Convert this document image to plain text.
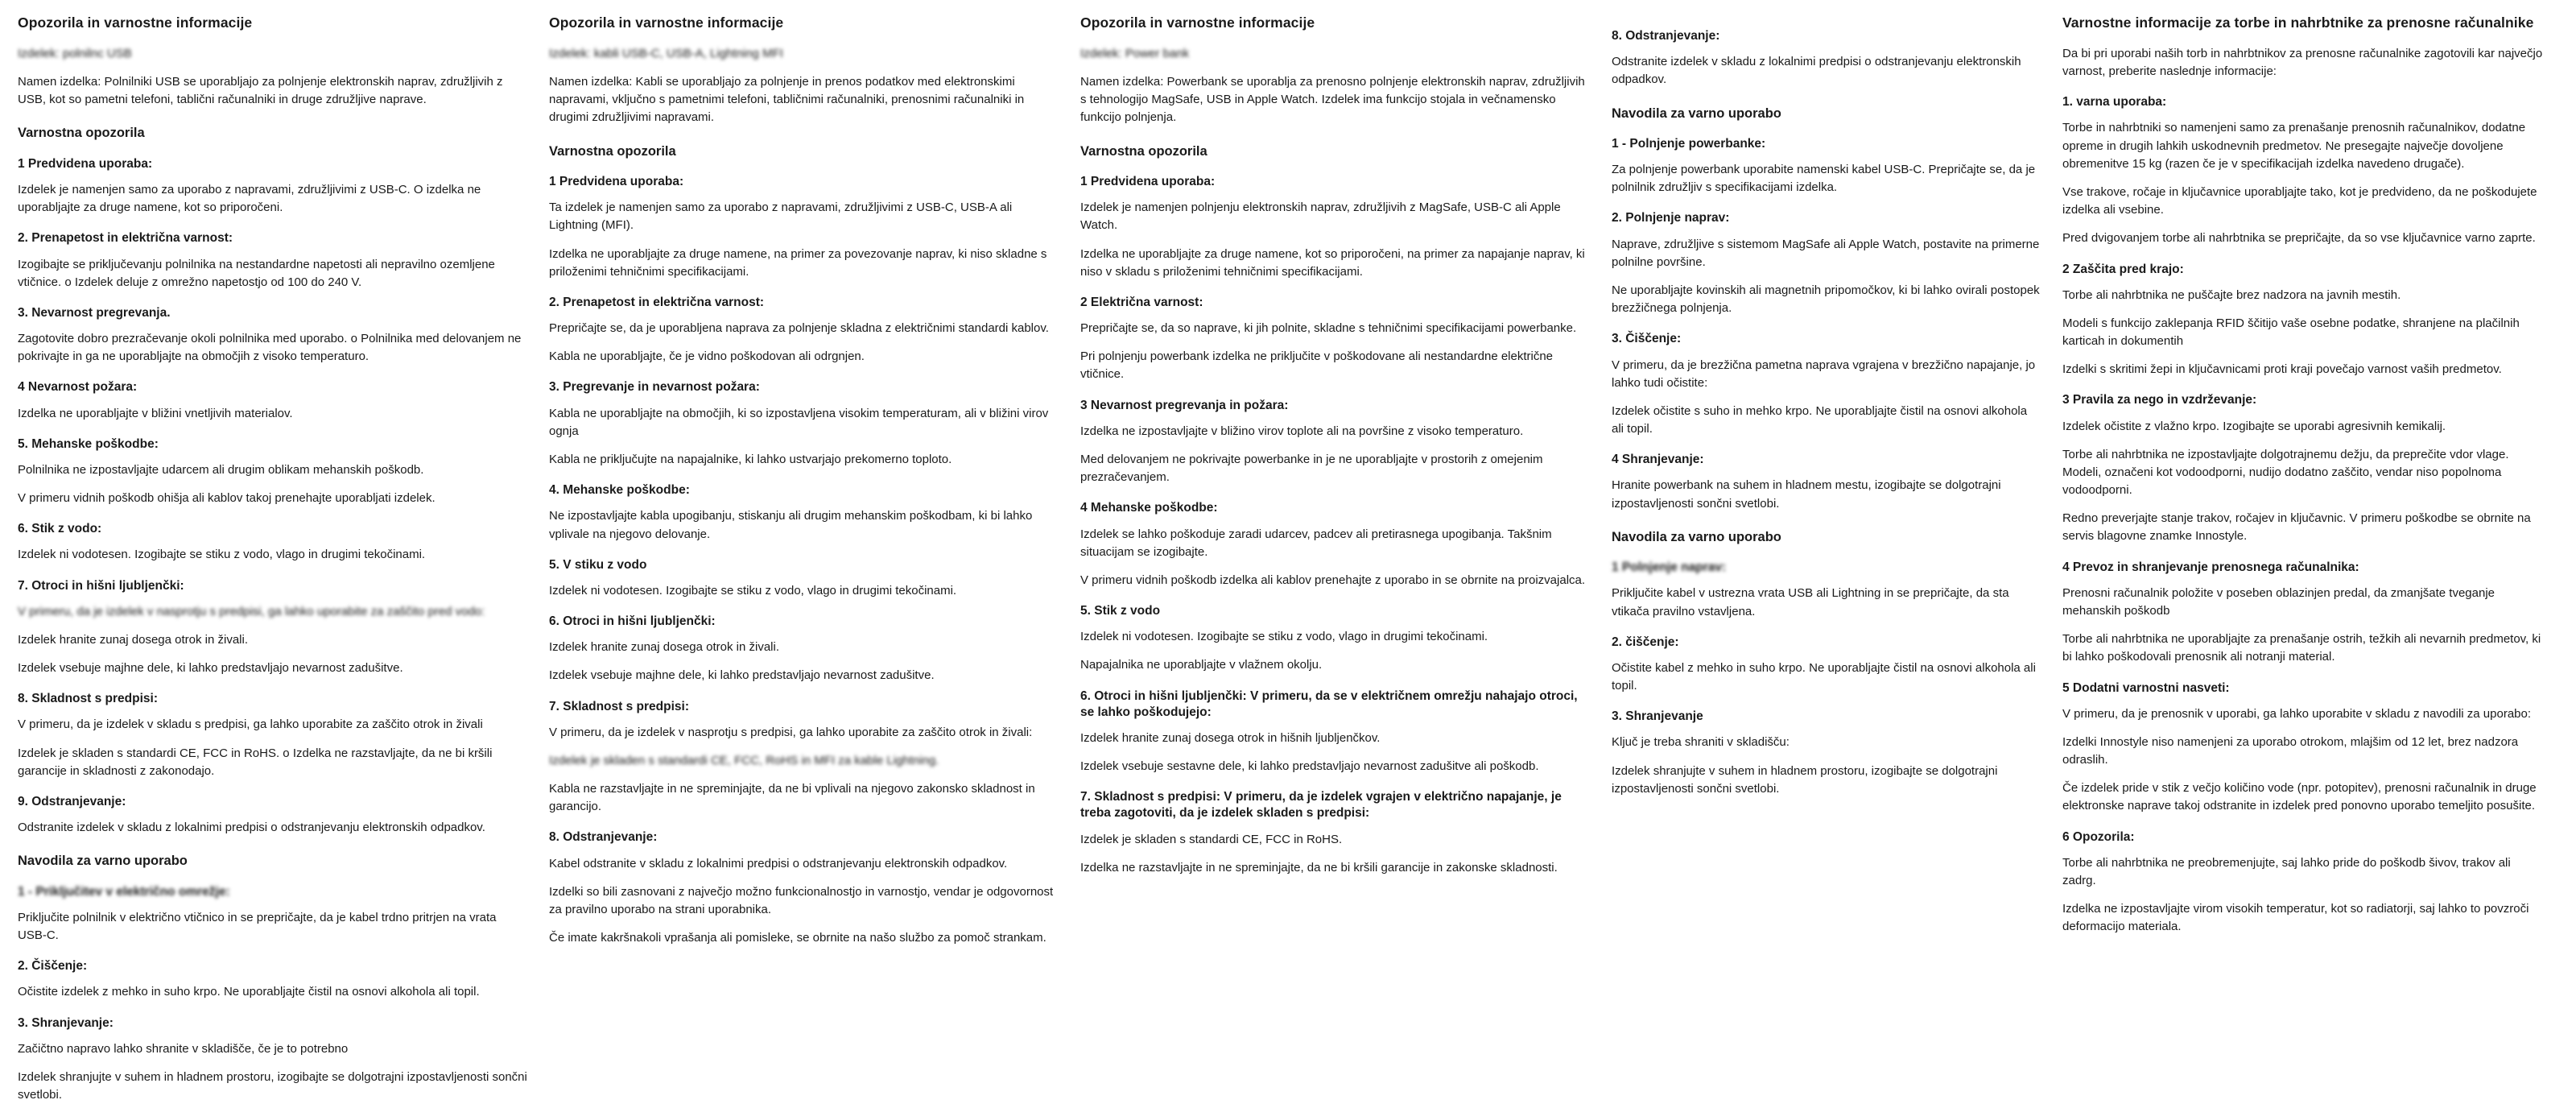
Opozorila in varnostne informacije

Izdelek: polnilnc USB

Namen izdelka: Polnilniki USB se uporabljajo za polnjenje elektronskih naprav, združljivih z USB, kot so pametni telefoni, tablični računalniki in druge združljive naprave.

Varnostna opozorila
1 Predvidena uporaba:

Izdelek je namenjen samo za uporabo z napravami, združljivimi z USB-C. O izdelka ne uporabljajte za druge namene, kot so priporočeni.

2. Prenapetost in električna varnost:

Izogibajte se priključevanju polnilnika na nestandardne napetosti ali nepravilno ozemljene vtičnice. o Izdelek deluje z omrežno napetostjo od 100 do 240 V.

3. Nevarnost pregrevanja.

Zagotovite dobro prezračevanje okoli polnilnika med uporabo. o Polnilnika med delovanjem ne pokrivajte in ga ne uporabljajte na območjih z visoko temperaturo.

4 Nevarnost požara:

Izdelka ne uporabljajte v bližini vnetljivih materialov.

5. Mehanske poškodbe:

Polnilnika ne izpostavljajte udarcem ali drugim oblikam mehanskih poškodb.

V primeru vidnih poškodb ohišja ali kablov takoj prenehajte uporabljati izdelek.

6. Stik z vodo:

Izdelek ni vodotesen. Izogibajte se stiku z vodo, vlago in drugimi tekočinami.

7. Otroci in hišni ljubljenčki:

V primeru, da je izdelek v nasprotju s predpisi, ga lahko uporabite za zaščito pred vodo:

Izdelek hranite zunaj dosega otrok in živali.

Izdelek vsebuje majhne dele, ki lahko predstavljajo nevarnost zadušitve.

8. Skladnost s predpisi:

V primeru, da je izdelek v skladu s predpisi, ga lahko uporabite za zaščito otrok in živali

Izdelek je skladen s standardi CE, FCC in RoHS. o Izdelka ne razstavljajte, da ne bi kršili garancije in skladnosti z zakonodajo.

9. Odstranjevanje:

Odstranite izdelek v skladu z lokalnimi predpisi o odstranjevanju elektronskih odpadkov.

Navodila za varno uporabo
1 - Priključitev v električno omrežje:

Priključite polnilnik v električno vtičnico in se prepričajte, da je kabel trdno pritrjen na vrata USB-C.

2. Čiščenje:

Očistite izdelek z mehko in suho krpo. Ne uporabljajte čistil na osnovi alkohola ali topil.

3. Shranjevanje:

Začičtno napravo lahko shranite v skladišče, če je to potrebno

Izdelek shranjujte v suhem in hladnem prostoru, izogibajte se dolgotrajni izpostavljenosti sončni svetlobi.

Opozorila in varnostne informacije

Izdelek: kabli USB-C, USB-A, Lightning MFI

Namen izdelka: Kabli se uporabljajo za polnjenje in prenos podatkov med elektronskimi napravami, vključno s pametnimi telefoni, tabličnimi računalniki, prenosnimi računalniki in drugimi združljivimi napravami.

Varnostna opozorila
1 Predvidena uporaba:

Ta izdelek je namenjen samo za uporabo z napravami, združljivimi z USB-C, USB-A ali Lightning (MFI).

Izdelka ne uporabljajte za druge namene, na primer za povezovanje naprav, ki niso skladne s priloženimi tehničnimi specifikacijami.

2. Prenapetost in električna varnost:

Prepričajte se, da je uporabljena naprava za polnjenje skladna z električnimi standardi kablov.

Kabla ne uporabljajte, če je vidno poškodovan ali odrgnjen.

3. Pregrevanje in nevarnost požara:

Kabla ne uporabljajte na območjih, ki so izpostavljena visokim temperaturam, ali v bližini virov ognja

Kabla ne priključujte na napajalnike, ki lahko ustvarjajo prekomerno toploto.

4. Mehanske poškodbe:

Ne izpostavljajte kabla upogibanju, stiskanju ali drugim mehanskim poškodbam, ki bi lahko vplivale na njegovo delovanje.

5. V stiku z vodo

Izdelek ni vodotesen. Izogibajte se stiku z vodo, vlago in drugimi tekočinami.

6. Otroci in hišni ljubljenčki:

Izdelek hranite zunaj dosega otrok in živali.

Izdelek vsebuje majhne dele, ki lahko predstavljajo nevarnost zadušitve.

7. Skladnost s predpisi:

V primeru, da je izdelek v nasprotju s predpisi, ga lahko uporabite za zaščito otrok in živali:

Izdelek je skladen s standardi CE, FCC, RoHS in MFI za kable Lightning.

Kabla ne razstavljajte in ne spreminjajte, da ne bi vplivali na njegovo zakonsko skladnost in garancijo.

8. Odstranjevanje:

Kabel odstranite v skladu z lokalnimi predpisi o odstranjevanju elektronskih odpadkov.

Izdelki so bili zasnovani z največjo možno funkcionalnostjo in varnostjo, vendar je odgovornost za pravilno uporabo na strani uporabnika.

Če imate kakršnakoli vprašanja ali pomisleke, se obrnite na našo službo za pomoč strankam.

Opozorila in varnostne informacije

Izdelek: Power bank

Namen izdelka: Powerbank se uporablja za prenosno polnjenje elektronskih naprav, združljivih s tehnologijo MagSafe, USB in Apple Watch. Izdelek ima funkcijo stojala in večnamensko funkcijo polnjenja.

Varnostna opozorila
1 Predvidena uporaba:

Izdelek je namenjen polnjenju elektronskih naprav, združljivih z MagSafe, USB-C ali Apple Watch.

Izdelka ne uporabljajte za druge namene, kot so priporočeni, na primer za napajanje naprav, ki niso v skladu s priloženimi tehničnimi specifikacijami.

2 Električna varnost:

Prepričajte se, da so naprave, ki jih polnite, skladne s tehničnimi specifikacijami powerbanke.

Pri polnjenju powerbank izdelka ne priključite v poškodovane ali nestandardne električne vtičnice.

3 Nevarnost pregrevanja in požara:

Izdelka ne izpostavljajte v bližino virov toplote ali na površine z visoko temperaturo.

Med delovanjem ne pokrivajte powerbanke in je ne uporabljajte v prostorih z omejenim prezračevanjem.

4 Mehanske poškodbe:

Izdelek se lahko poškoduje zaradi udarcev, padcev ali pretirasnega upogibanja. Takšnim situacijam se izogibajte.

V primeru vidnih poškodb izdelka ali kablov prenehajte z uporabo in se obrnite na proizvajalca.

5. Stik z vodo

Izdelek ni vodotesen. Izogibajte se stiku z vodo, vlago in drugimi tekočinami.

Napajalnika ne uporabljajte v vlažnem okolju.

6. Otroci in hišni ljubljenčki: V primeru, da se v električnem omrežju nahajajo otroci, se lahko poškodujejo:

Izdelek hranite zunaj dosega otrok in hišnih ljubljenčkov.

Izdelek vsebuje sestavne dele, ki lahko predstavljajo nevarnost zadušitve ali poškodb.

7. Skladnost s predpisi: V primeru, da je izdelek vgrajen v električno napajanje, je treba zagotoviti, da je izdelek skladen s predpisi:

Izdelek je skladen s standardi CE, FCC in RoHS.

Izdelka ne razstavljajte in ne spreminjajte, da ne bi kršili garancije in zakonske skladnosti.

8. Odstranjevanje:

Odstranite izdelek v skladu z lokalnimi predpisi o odstranjevanju elektronskih odpadkov.

Navodila za varno uporabo
1 - Polnjenje powerbanke:

Za polnjenje powerbank uporabite namenski kabel USB-C. Prepričajte se, da je polnilnik združljiv s specifikacijami izdelka.

2. Polnjenje naprav:

Naprave, združljive s sistemom MagSafe ali Apple Watch, postavite na primerne polnilne površine.

Ne uporabljajte kovinskih ali magnetnih pripomočkov, ki bi lahko ovirali postopek brezžičnega polnjenja.

3. Čiščenje:

V primeru, da je brezžična pametna naprava vgrajena v brezžično napajanje, jo lahko tudi očistite:

Izdelek očistite s suho in mehko krpo. Ne uporabljajte čistil na osnovi alkohola ali topil.

4 Shranjevanje:

Hranite powerbank na suhem in hladnem mestu, izogibajte se dolgotrajni izpostavljenosti sončni svetlobi.

Navodila za varno uporabo
1 Polnjenje naprav:

Priključite kabel v ustrezna vrata USB ali Lightning in se prepričajte, da sta vtikača pravilno vstavljena.

2. čiščenje:

Očistite kabel z mehko in suho krpo. Ne uporabljajte čistil na osnovi alkohola ali topil.

3. Shranjevanje

Ključ je treba shraniti v skladišču:

Izdelek shranjujte v suhem in hladnem prostoru, izogibajte se dolgotrajni izpostavljenosti sončni svetlobi.

Varnostne informacije za torbe in nahrbtnike za prenosne računalnike

Da bi pri uporabi naših torb in nahrbtnikov za prenosne računalnike zagotovili kar največjo varnost, preberite naslednje informacije:

1. varna uporaba:

Torbe in nahrbtniki so namenjeni samo za prenašanje prenosnih računalnikov, dodatne opreme in drugih lahkih uskodnevnih predmetov. Ne presegajte največje dovoljene obremenitve 15 kg (razen če je v specifikacijah izdelka navedeno drugače).

Vse trakove, ročaje in ključavnice uporabljajte tako, kot je predvideno, da ne poškodujete izdelka ali vsebine.

Pred dvigovanjem torbe ali nahrbtnika se prepričajte, da so vse ključavnice varno zaprte.

2 Zaščita pred krajo:

Torbe ali nahrbtnika ne puščajte brez nadzora na javnih mestih.

Modeli s funkcijo zaklepanja RFID ščitijo vaše osebne podatke, shranjene na plačilnih karticah in dokumentih

Izdelki s skritimi žepi in ključavnicami proti kraji povečajo varnost vaših predmetov.

3 Pravila za nego in vzdrževanje:

Izdelek očistite z vlažno krpo. Izogibajte se uporabi agresivnih kemikalij.

Torbe ali nahrbtnika ne izpostavljajte dolgotrajnemu dežju, da preprečite vdor vlage. Modeli, označeni kot vodoodporni, nudijo dodatno zaščito, vendar niso popolnoma vodoodporni.

Redno preverjajte stanje trakov, ročajev in ključavnic. V primeru poškodbe se obrnite na servis blagovne znamke Innostyle.

4 Prevoz in shranjevanje prenosnega računalnika:

Prenosni računalnik položite v poseben oblazinjen predal, da zmanjšate tveganje mehanskih poškodb

Torbe ali nahrbtnika ne uporabljajte za prenašanje ostrih, težkih ali nevarnih predmetov, ki bi lahko poškodovali prenosnik ali notranji material.

5 Dodatni varnostni nasveti:

V primeru, da je prenosnik v uporabi, ga lahko uporabite v skladu z navodili za uporabo:

Izdelki Innostyle niso namenjeni za uporabo otrokom, mlajšim od 12 let, brez nadzora odraslih.

Če izdelek pride v stik z večjo količino vode (npr. potopitev), prenosni računalnik in druge elektronske naprave takoj odstranite in izdelek pred ponovno uporabo temeljito posušite.

6 Opozorila:

Torbe ali nahrbtnika ne preobremenjujte, saj lahko pride do poškodb šivov, trakov ali zadrg.

Izdelka ne izpostavljajte virom visokih temperatur, kot so radiatorji, saj lahko to povzroči deformacijo materiala.
